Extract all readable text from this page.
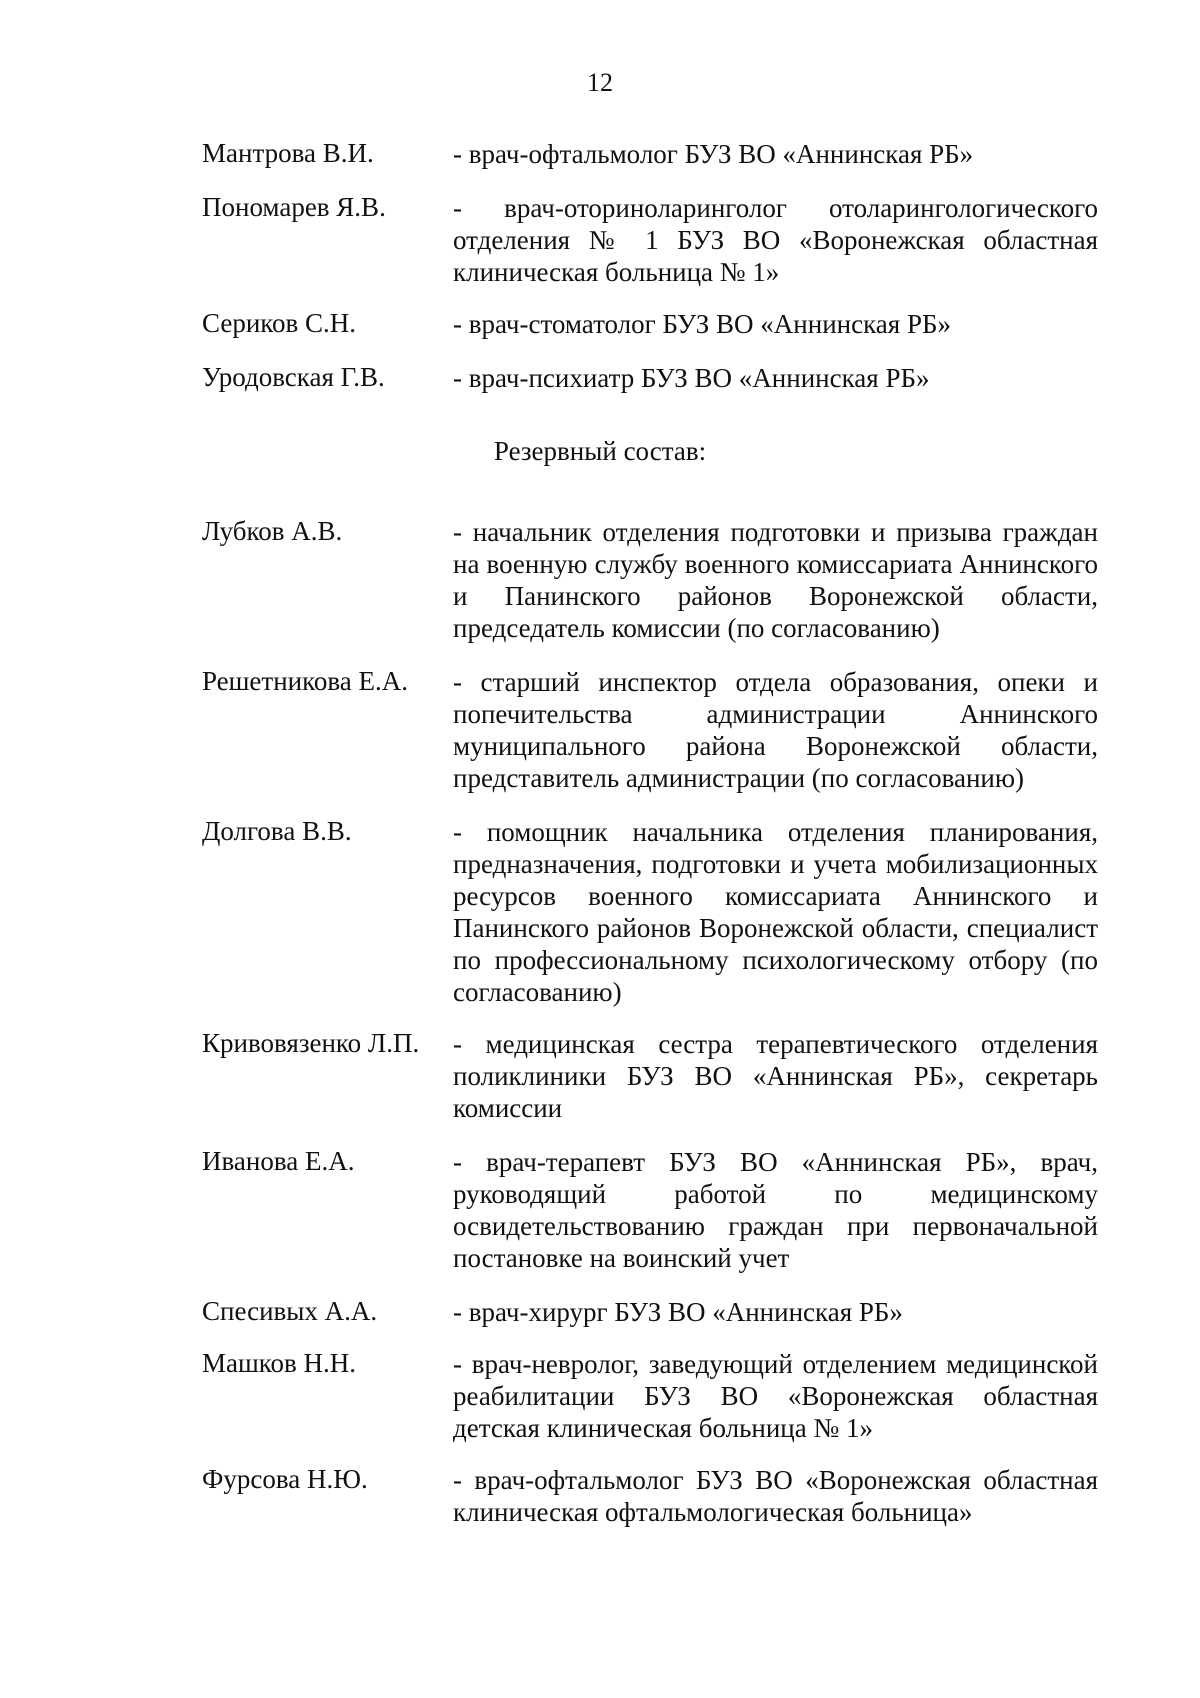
12
Мантрова В.И.	- врач-офтальмолог БУЗ ВО «Аннинская РБ»
Пономарев Я.В. - врач-оториноларинголог отоларингологического отделения № 1 БУЗ ВО «Воронежская областная клиническая больница № 1»
Сериков С.Н.	- врач-стоматолог БУЗ ВО «Аннинская РБ»
Уродовская Г.В.	- врач-психиатр БУЗ ВО «Аннинская РБ»
Резервный состав:
Лубков А.В.	- начальник отделения подготовки и призыва граждан на военную службу военного комиссариата Аннинского и Панинского районов Воронежской области, председатель комиссии (по согласованию)
Решетникова Е.А. - старший инспектор отдела образования, опеки и попечительства администрации Аннинского муниципального района Воронежской области, представитель администрации (по согласованию)
Долгова В.В.	- помощник начальника отделения планирования, предназначения, подготовки и учета мобилизационных ресурсов военного комиссариата Аннинского и Панинского районов Воронежской области, специалист по профессиональному психологическому отбору (по согласованию)
Кривовязенко Л.П. - медицинская сестра терапевтического отделения поликлиники БУЗ ВО «Аннинская РБ», секретарь комиссии
Иванова Е.А.	- врач-терапевт БУЗ ВО «Аннинская РБ», врач, руководящий работой по медицинскому освидетельствованию граждан при первоначальной постановке на воинский учет
Спесивых А.А.	- врач-хирург БУЗ ВО «Аннинская РБ»
Машков Н.Н.	- врач-невролог, заведующий отделением медицинской реабилитации БУЗ ВО «Воронежская областная детская клиническая больница № 1»
Фурсова Н.Ю.	- врач-офтальмолог БУЗ ВО «Воронежская областная клиническая офтальмологическая больница»
